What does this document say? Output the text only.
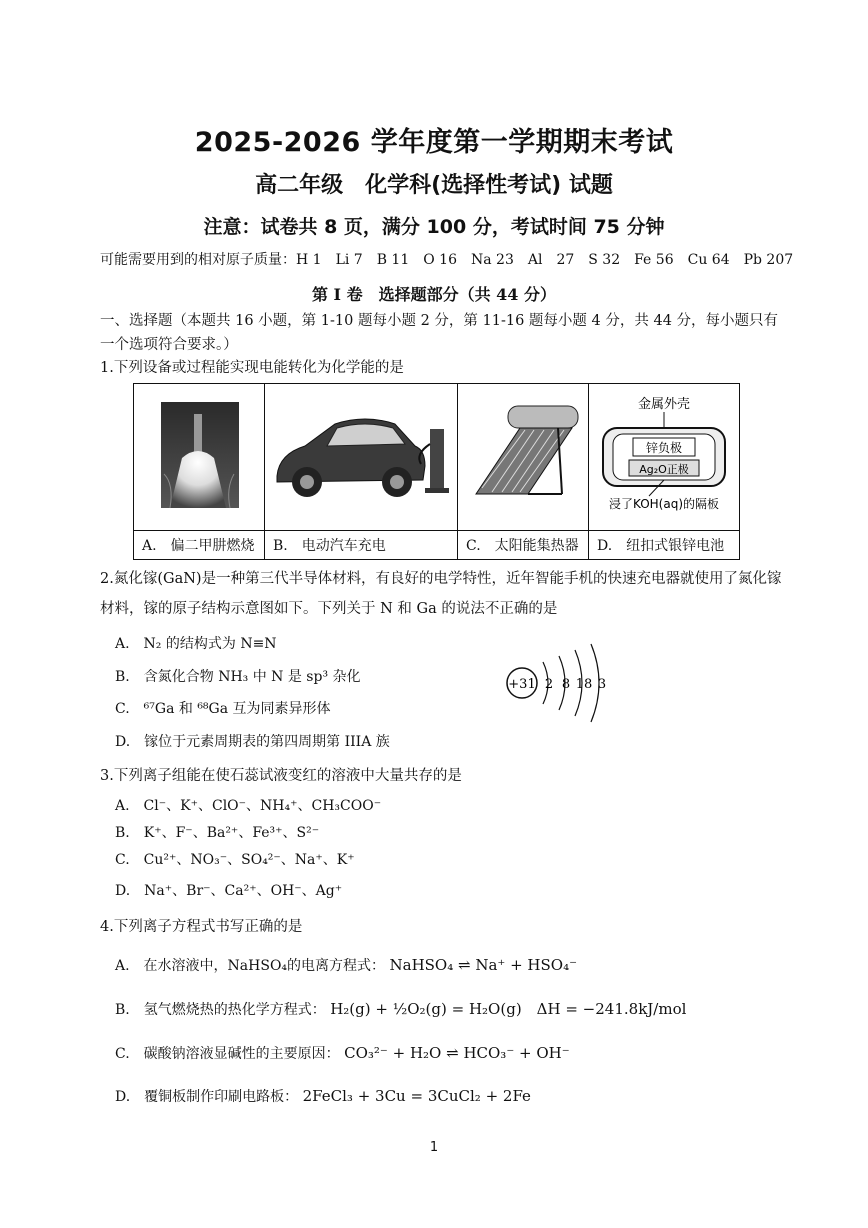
2025-2026 学年度第一学期期末考试
高二年级　化学科(选择性考试) 试题
注意：试卷共 8 页，满分 100 分，考试时间 75 分钟
可能需要用到的相对原子质量：H 1　Li 7　B 11　O 16　Na 23　Al　27　S 32　Fe 56　Cu 64　Pb 207
第 I 卷　选择题部分（共 44 分）
一、选择题（本题共 16 小题，第 1-10 题每小题 2 分，第 11-16 题每小题 4 分，共 44 分，每小题只有一个选项符合要求。）
1.下列设备或过程能实现电能转化为化学能的是

金属外壳
锌负极
Ag₂O正极
浸了KOH(aq)的隔板

A.　偏二甲肼燃烧	B.　电动汽车充电	C.　太阳能集热器	D.　纽扣式银锌电池
2.氮化镓(GaN)是一种第三代半导体材料，有良好的电学特性，近年智能手机的快速充电器就使用了氮化镓
材料，镓的原子结构示意图如下。下列关于 N 和 Ga 的说法不正确的是
A.　N₂ 的结构式为 N≡N
B.　含氮化合物 NH₃ 中 N 是 sp³ 杂化
C.　⁶⁷Ga 和 ⁶⁸Ga 互为同素异形体
D.　镓位于元素周期表的第四周期第 IIIA 族
+31 2 8 18 3
3.下列离子组能在使石蕊试液变红的溶液中大量共存的是
A.　Cl⁻、K⁺、ClO⁻、NH₄⁺、CH₃COO⁻
B.　K⁺、F⁻、Ba²⁺、Fe³⁺、S²⁻
C.　Cu²⁺、NO₃⁻、SO₄²⁻、Na⁺、K⁺
D.　Na⁺、Br⁻、Ca²⁺、OH⁻、Ag⁺
4.下列离子方程式书写正确的是
A.　在水溶液中，NaHSO₄的电离方程式： NaHSO₄ ⇌ Na⁺ + HSO₄⁻
B.　氢气燃烧热的热化学方程式： H₂(g) + ½O₂(g) = H₂O(g)　ΔH = −241.8kJ/mol
C.　碳酸钠溶液显碱性的主要原因： CO₃²⁻ + H₂O ⇌ HCO₃⁻ + OH⁻
D.　覆铜板制作印刷电路板： 2FeCl₃ + 3Cu = 3CuCl₂ + 2Fe
1
